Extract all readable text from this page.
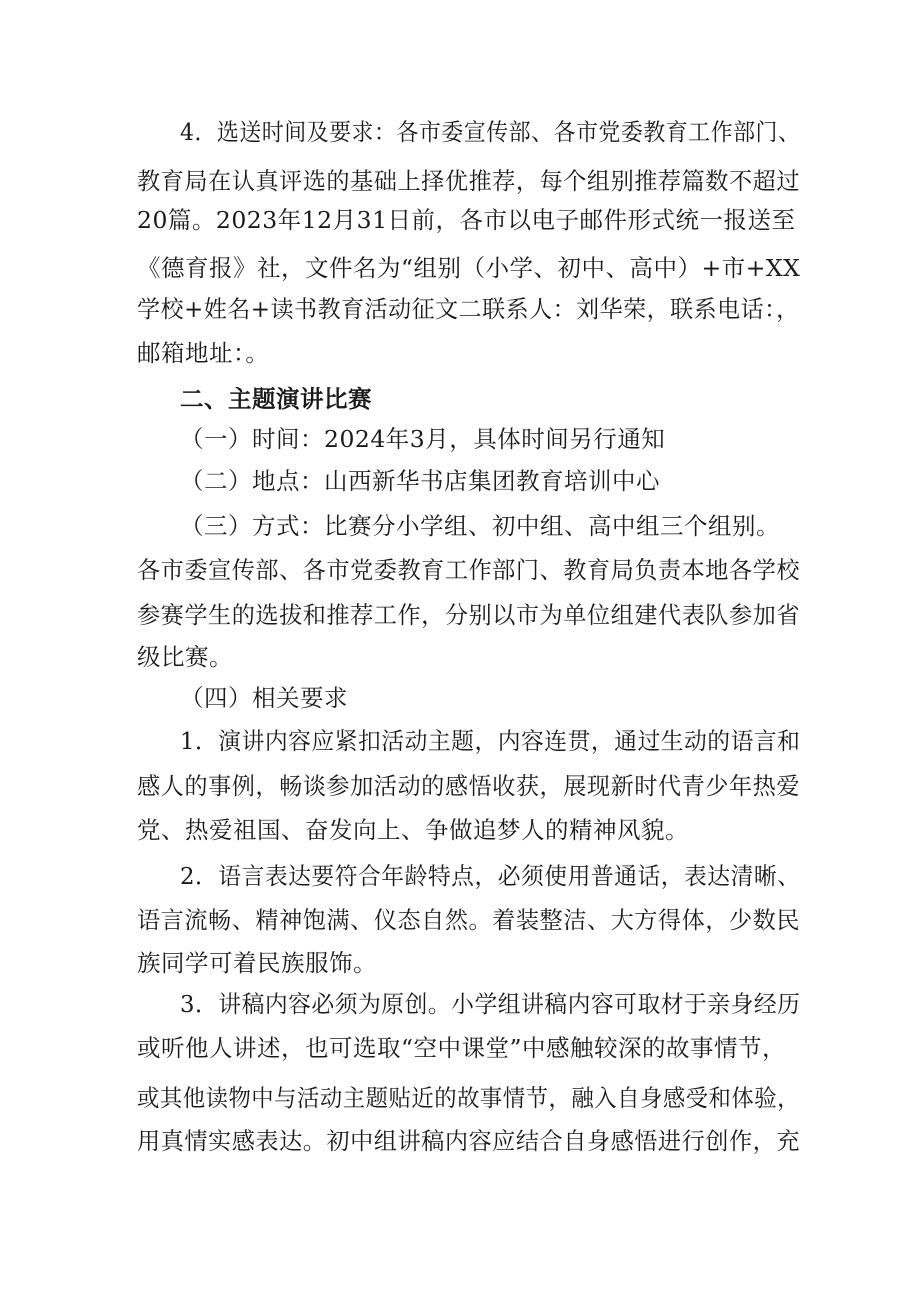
4．选送时间及要求：各市委宣传部、各市党委教育工作部门、
教育局在认真评选的基础上择优推荐，每个组别推荐篇数不超过
20篇。2023年12月31日前，各市以电子邮件形式统一报送至
《德育报》社，文件名为“组别（小学、初中、高中）+市+XX
学校+姓名+读书教育活动征文二联系人：刘华荣，联系电话：，
邮箱地址：。
二、主题演讲比赛
（一）时间：2024年3月，具体时间另行通知
（二）地点：山西新华书店集团教育培训中心
（三）方式：比赛分小学组、初中组、高中组三个组别。
各市委宣传部、各市党委教育工作部门、教育局负责本地各学校
参赛学生的选拔和推荐工作，分别以市为单位组建代表队参加省
级比赛。
（四）相关要求
1．演讲内容应紧扣活动主题，内容连贯，通过生动的语言和
感人的事例，畅谈参加活动的感悟收获，展现新时代青少年热爱
党、热爱祖国、奋发向上、争做追梦人的精神风貌。
2．语言表达要符合年龄特点，必须使用普通话，表达清晰、
语言流畅、精神饱满、仪态自然。着装整洁、大方得体，少数民
族同学可着民族服饰。
3．讲稿内容必须为原创。小学组讲稿内容可取材于亲身经历
或听他人讲述，也可选取“空中课堂”中感触较深的故事情节，
或其他读物中与活动主题贴近的故事情节，融入自身感受和体验，
用真情实感表达。初中组讲稿内容应结合自身感悟进行创作，充
